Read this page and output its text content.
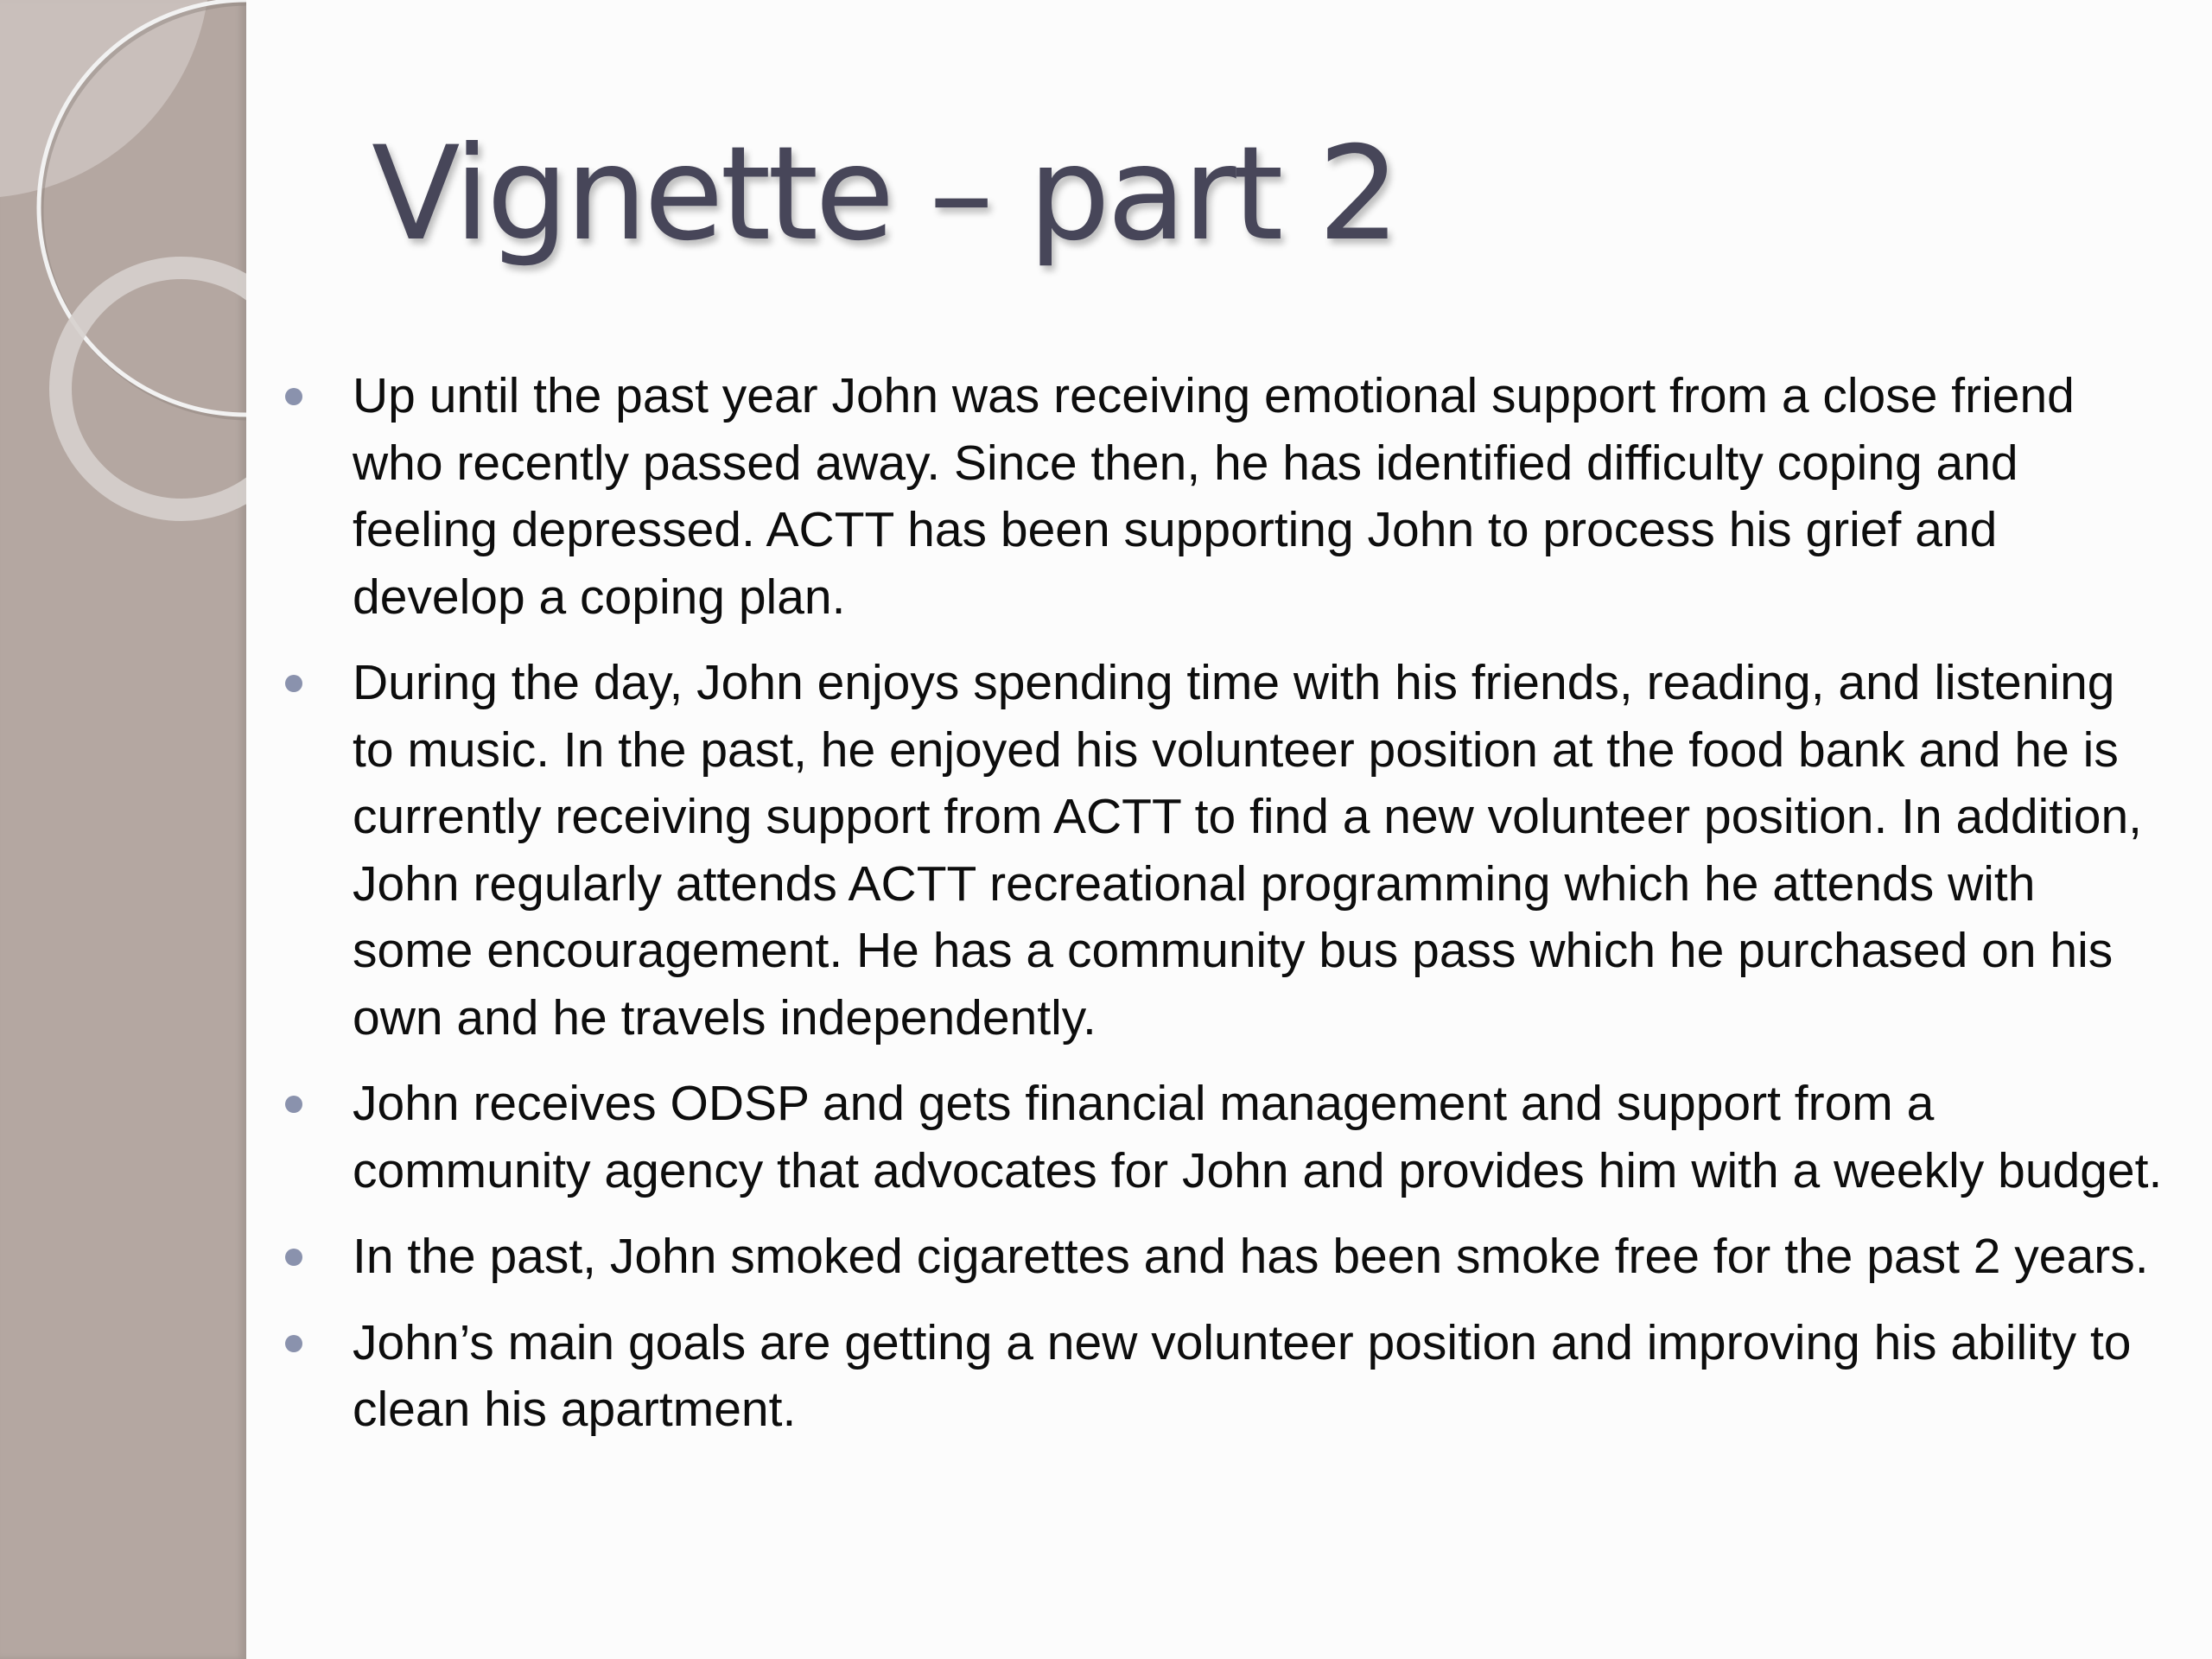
Vignette – part 2
Up until the past year John was receiving emotional support from a close friend who recently passed away. Since then, he has identified difficulty coping and feeling depressed. ACTT has been supporting John to process his grief and develop a coping plan.
During the day, John enjoys spending time with his friends, reading, and listening to music. In the past, he enjoyed his volunteer position at the food bank and he is currently receiving support from ACTT to find a new volunteer position. In addition, John regularly attends ACTT recreational programming which he attends with some encouragement. He has a community bus pass which he purchased on his own and he travels independently.
John receives ODSP and gets financial management and support from a community agency that advocates for John and provides him with a weekly budget.
In the past, John smoked cigarettes and has been smoke free for the past 2 years.
John’s main goals are getting a new volunteer position and improving his ability to clean his apartment.
